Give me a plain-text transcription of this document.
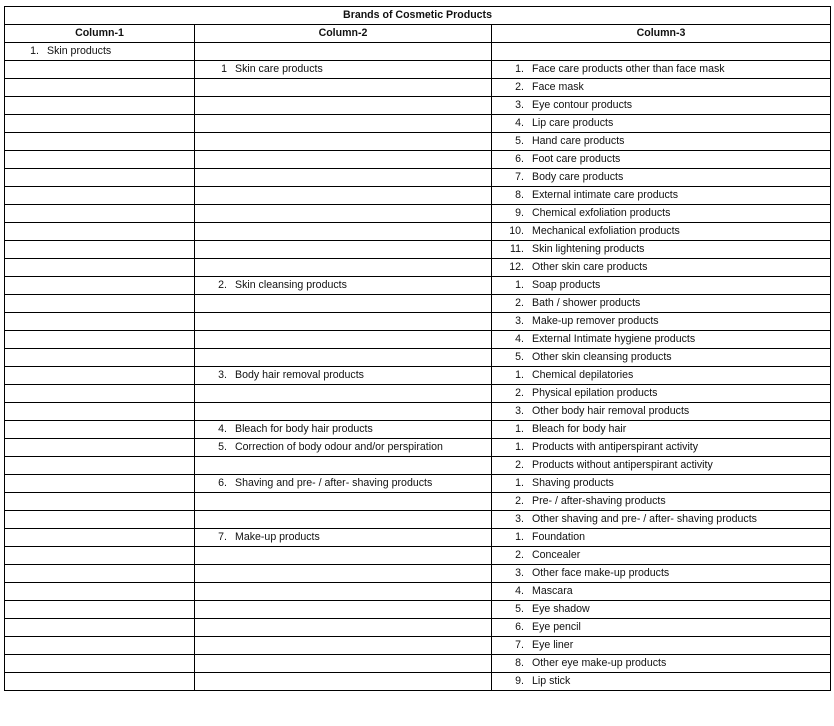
Brands of Cosmetic Products		
Column-1	Column-2	Column-3
1. Skin products		
	1 Skin care products	1. Face care products other than face mask
		2. Face mask
		3. Eye contour products
		4. Lip care products
		5. Hand care products
		6. Foot care products
		7. Body care products
		8. External intimate care products
		9. Chemical exfoliation products
		10. Mechanical exfoliation products
		11. Skin lightening products
		12. Other skin care products
	2. Skin cleansing products	1. Soap products
		2. Bath / shower products
		3. Make-up remover products
		4. External Intimate hygiene products
		5. Other skin cleansing products
	3. Body hair removal products	1. Chemical depilatories
		2. Physical epilation products
		3. Other body hair removal products
	4. Bleach for body hair products	1. Bleach for body hair
	5. Correction of body odour and/or perspiration	1. Products with antiperspirant activity
		2. Products without antiperspirant activity
	6. Shaving and pre- / after- shaving products	1. Shaving products
		2. Pre- / after-shaving products
		3. Other shaving and pre- / after- shaving products
	7. Make-up products	1. Foundation
		2. Concealer
		3. Other face make-up products
		4. Mascara
		5. Eye shadow
		6. Eye pencil
		7. Eye liner
		8. Other eye make-up products
		9. Lip stick
